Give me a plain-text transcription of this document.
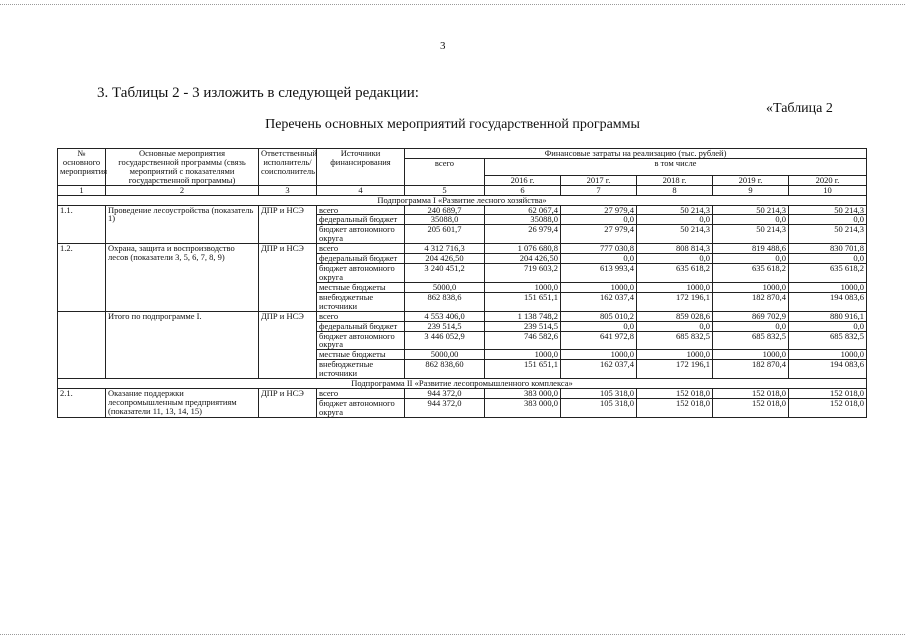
3
3. Таблицы 2 - 3 изложить в следующей редакции:
«Таблица 2
Перечень основных мероприятий государственной программы
№ основного мероприятия	Основные мероприятия государственной программы (связь мероприятий с показателями государственной программы)	Ответственный исполнитель/соисполнитель	Источники финансирования	Финансовые затраты на реализацию (тыс. рублей)					
				всего	в том числе				
					2016 г.	2017 г.	2018 г.	2019 г.	2020 г.
1	2	3	4	5	6	7	8	9	10
Подпрограмма I «Развитие лесного хозяйства»									
1.1.	Проведение лесоустройства (показатель 1)	ДПР и НСЭ	всего	240 689,7	62 067,4	27 979,4	50 214,3	50 214,3	50 214,3
			федеральный бюджет	35088,0	35088,0	0,0	0,0	0,0	0,0
			бюджет автономного округа	205 601,7	26 979,4	27 979,4	50 214,3	50 214,3	50 214,3
1.2.	Охрана, защита и воспроизводство лесов (показатели 3, 5, 6, 7, 8, 9)	ДПР и НСЭ	всего	4 312 716,3	1 076 680,8	777 030,8	808 814,3	819 488,6	830 701,8
			федеральный бюджет	204 426,50	204 426,50	0,0	0,0	0,0	0,0
			бюджет автономного округа	3 240 451,2	719 603,2	613 993,4	635 618,2	635 618,2	635 618,2
			местные бюджеты	5000,0	1000,0	1000,0	1000,0	1000,0	1000,0
			внебюджетные источники	862 838,6	151 651,1	162 037,4	172 196,1	182 870,4	194 083,6
	Итого по подпрограмме I.	ДПР и НСЭ	всего	4 553 406,0	1 138 748,2	805 010,2	859 028,6	869 702,9	880 916,1
			федеральный бюджет	239 514,5	239 514,5	0,0	0,0	0,0	0,0
			бюджет автономного округа	3 446 052,9	746 582,6	641 972,8	685 832,5	685 832,5	685 832,5
			местные бюджеты	5000,00	1000,0	1000,0	1000,0	1000,0	1000,0
			внебюджетные источники	862 838,60	151 651,1	162 037,4	172 196,1	182 870,4	194 083,6
Подпрограмма II «Развитие лесопромышленного комплекса»									
2.1.	Оказание поддержки лесопромышленным предприятиям (показатели 11, 13, 14, 15)	ДПР и НСЭ	всего	944 372,0	383 000,0	105 318,0	152 018,0	152 018,0	152 018,0
			бюджет автономного округа	944 372,0	383 000,0	105 318,0	152 018,0	152 018,0	152 018,0
